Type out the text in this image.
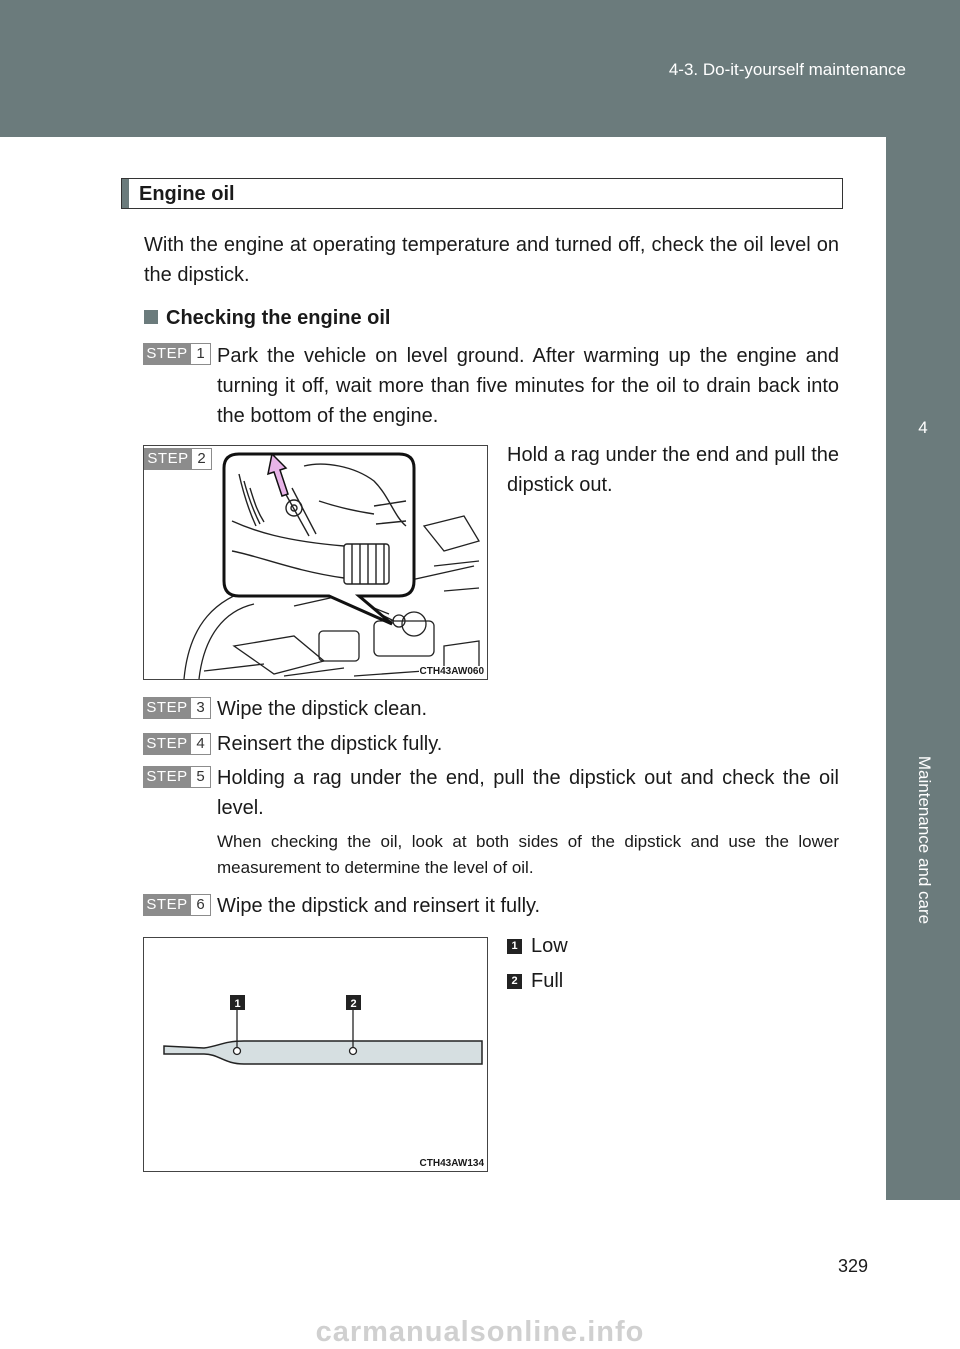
4-3. Do-it-yourself maintenance
4
Maintenance and care
Engine oil
With the engine at operating temperature and turned off, check the oil level on the dipstick.
Checking the engine oil
STEP 1 Park the vehicle on level ground. After warming up the engine and turning it off, wait more than five minutes for the oil to drain back into the bottom of the engine.
STEP 2
CTH43AW060
Hold a rag under the end and pull the dipstick out.
STEP 3 Wipe the dipstick clean.
STEP 4 Reinsert the dipstick fully.
STEP 5 Holding a rag under the end, pull the dipstick out and check the oil level.
When checking the oil, look at both sides of the dipstick and use the lower measurement to determine the level of oil.
STEP 6 Wipe the dipstick and reinsert it fully.
1	2
CTH43AW134
1 Low
2 Full
329
carmanualsonline.info
